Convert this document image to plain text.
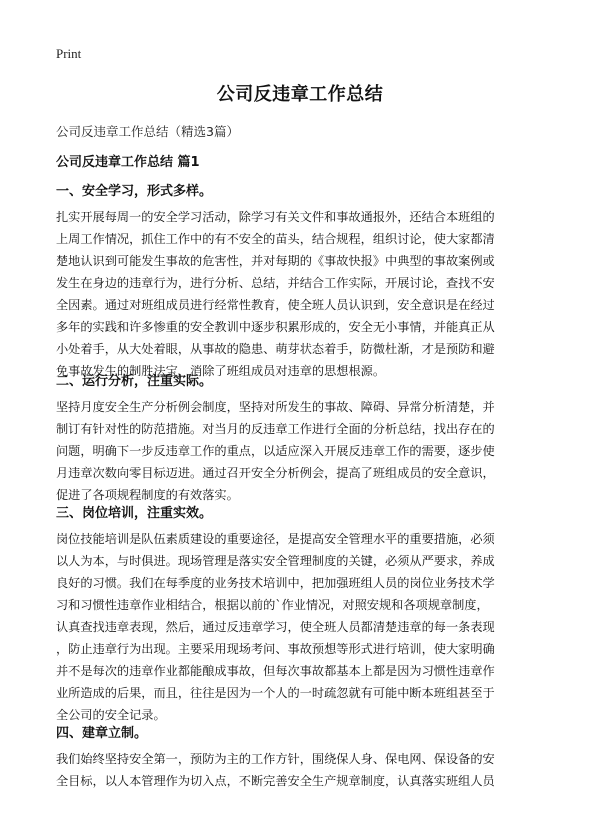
Print
公司反违章工作总结
公司反违章工作总结（精选3篇）
公司反违章工作总结 篇1
一、安全学习，形式多样。
扎实开展每周一的安全学习活动，除学习有关文件和事故通报外，还结合本班组的
上周工作情况，抓住工作中的有不安全的苗头，结合规程，组织讨论，使大家都清
楚地认识到可能发生事故的危害性，并对每期的《事故快报》中典型的事故案例或
发生在身边的违章行为，进行分析、总结，并结合工作实际，开展讨论，查找不安
全因素。通过对班组成员进行经常性教育，使全班人员认识到，安全意识是在经过
多年的实践和许多惨重的安全教训中逐步积累形成的，安全无小事情，并能真正从
小处着手，从大处着眼，从事故的隐患、萌芽状态着手，防微杜渐，才是预防和避
免事故发生的制胜法宝，消除了班组成员对违章的思想根源。
二、运行分析，注重实际。
坚持月度安全生产分析例会制度，坚持对所发生的事故、障碍、异常分析清楚，并
制订有针对性的防范措施。对当月的反违章工作进行全面的分析总结，找出存在的
问题，明确下一步反违章工作的重点，以适应深入开展反违章工作的需要，逐步使
月违章次数向零目标迈进。通过召开安全分析例会，提高了班组成员的安全意识，
促进了各项规程制度的有效落实。
三、岗位培训，注重实效。
岗位技能培训是队伍素质建设的重要途径，是提高安全管理水平的重要措施，必须
以人为本，与时俱进。现场管理是落实安全管理制度的关键，必须从严要求，养成
良好的习惯。我们在每季度的业务技术培训中，把加强班组人员的岗位业务技术学
习和习惯性违章作业相结合，根据以前的`作业情况，对照安规和各项规章制度，
认真查找违章表现，然后，通过反违章学习，使全班人员都清楚违章的每一条表现
，防止违章行为出现。主要采用现场考问、事故预想等形式进行培训，使大家明确
并不是每次的违章作业都能酿成事故，但每次事故都基本上都是因为习惯性违章作
业所造成的后果，而且，往往是因为一个人的一时疏忽就有可能中断本班组甚至于
全公司的安全记录。
四、建章立制。
我们始终坚持安全第一，预防为主的工作方针，围绕保人身、保电网、保设备的安
全目标，以人本管理作为切入点，不断完善安全生产规章制度，认真落实班组人员
